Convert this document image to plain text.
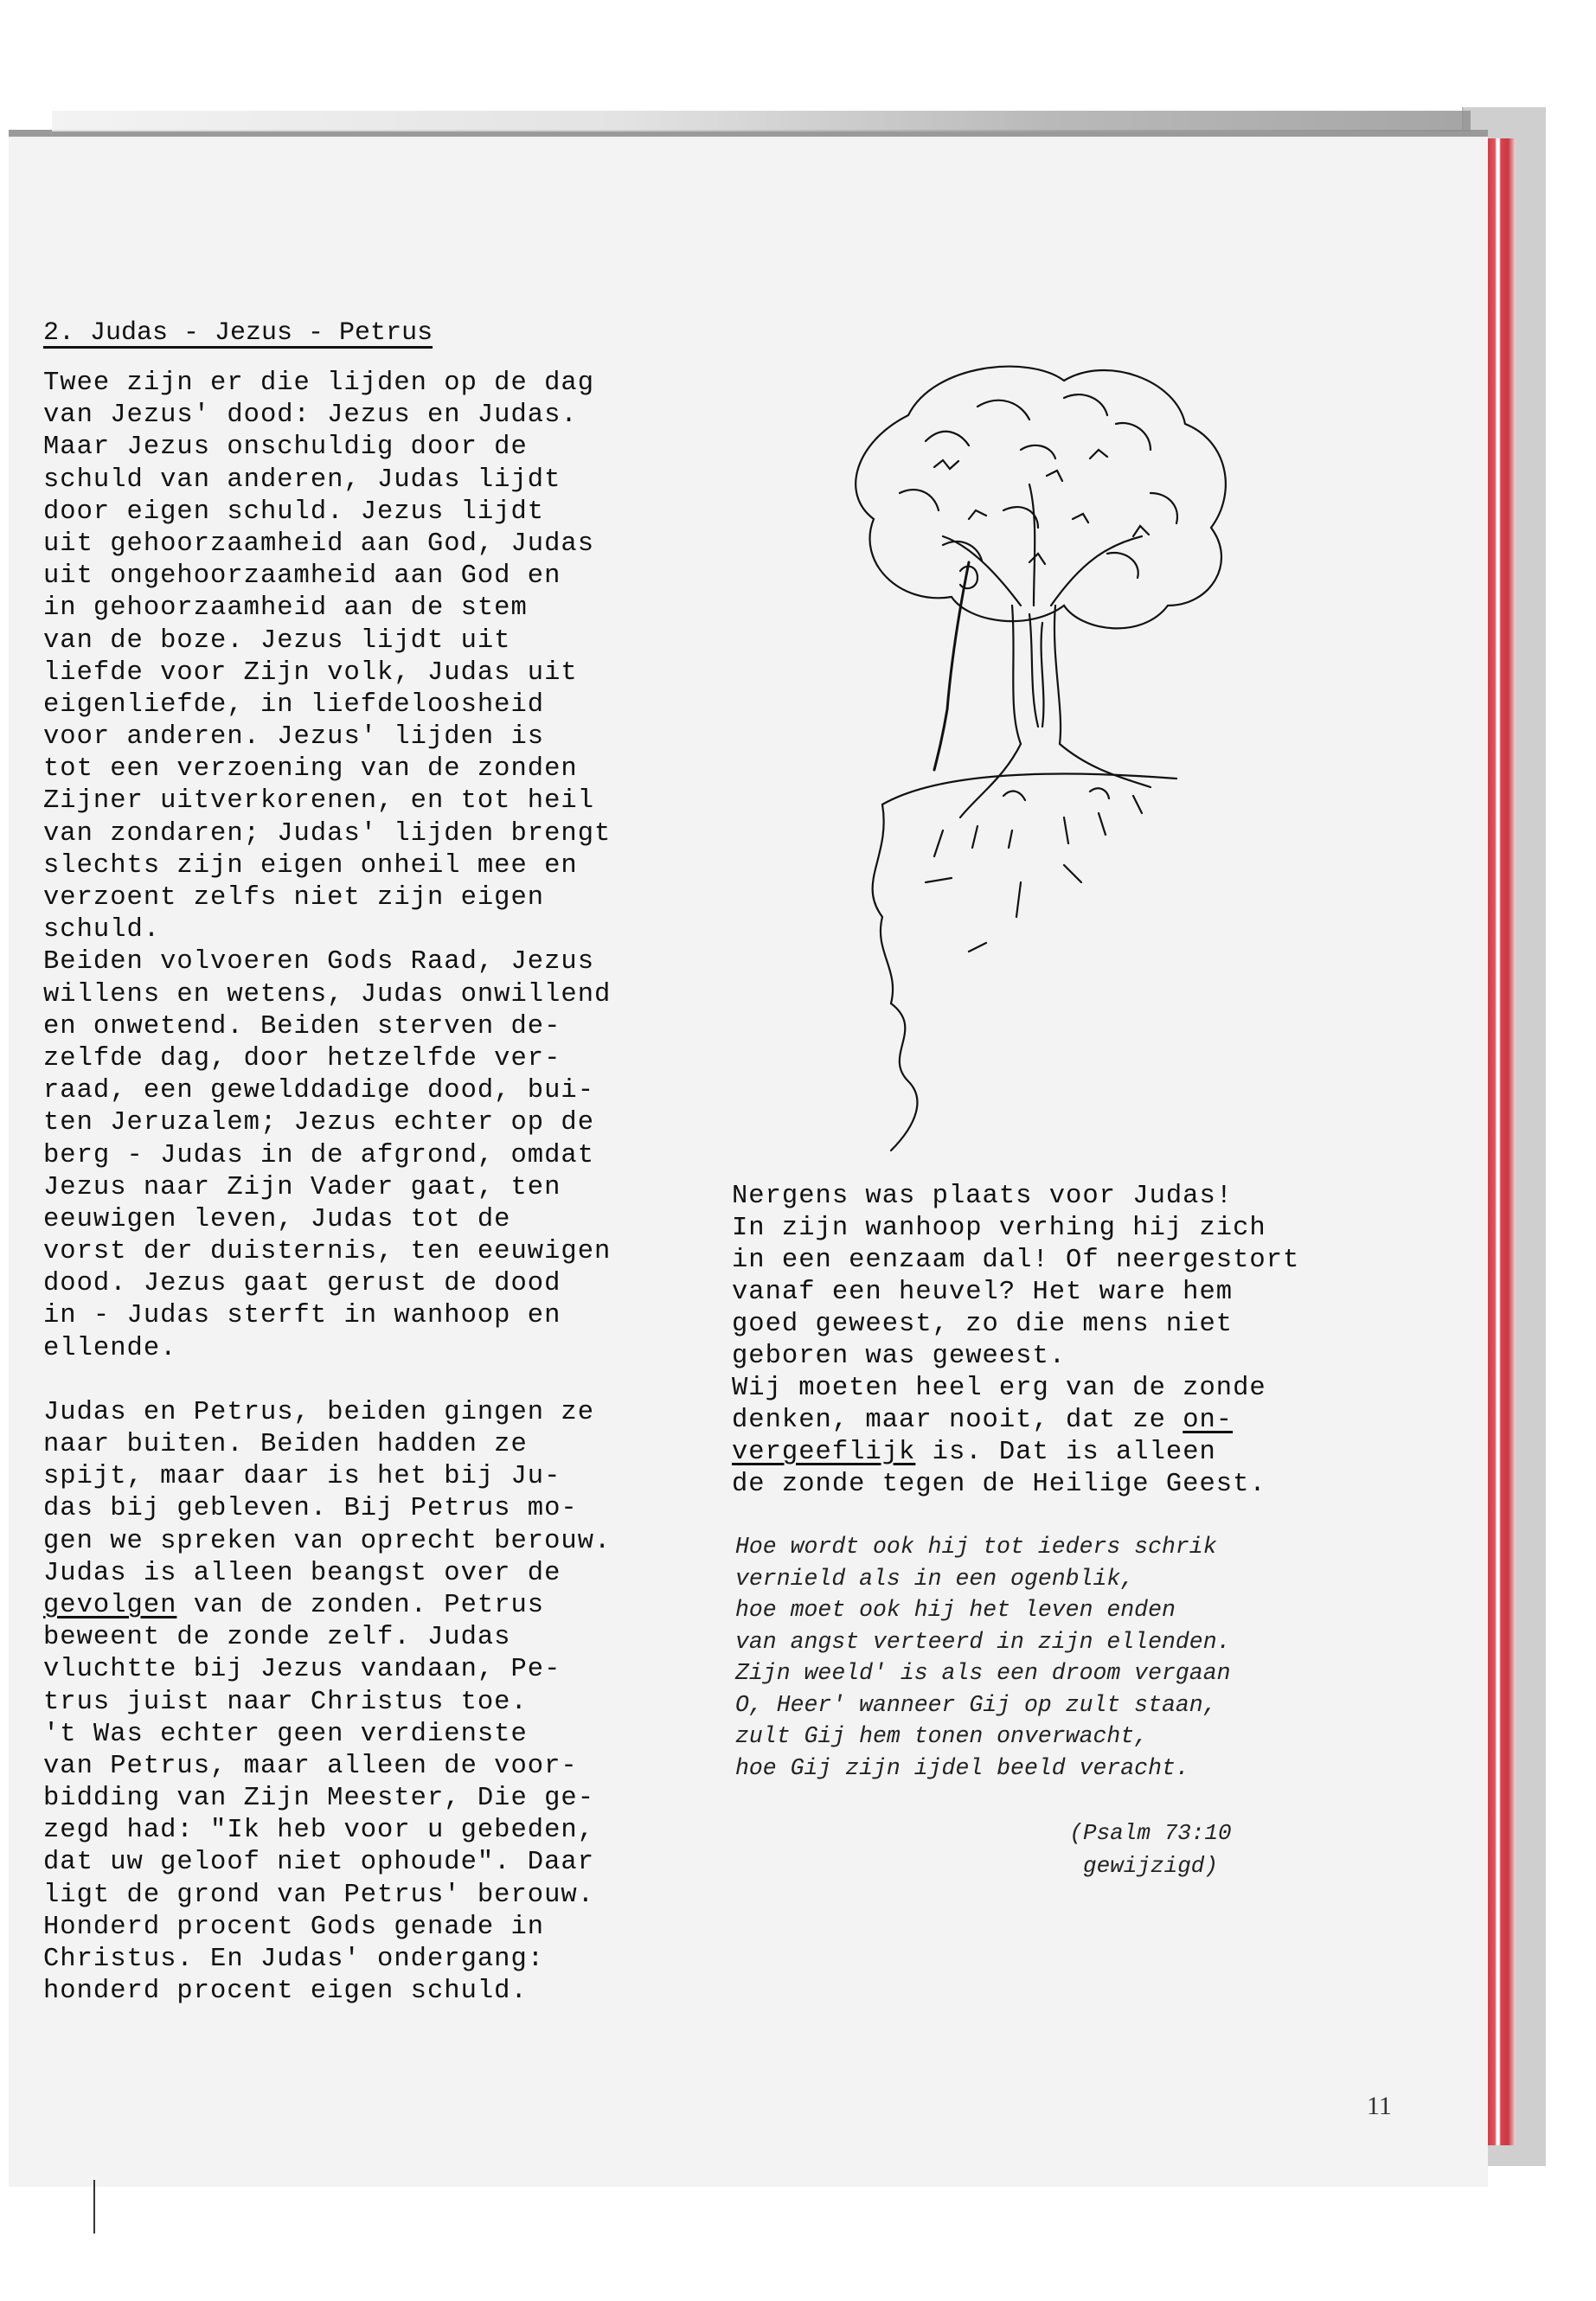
2. Judas - Jezus - Petrus
Twee zijn er die lijden op de dag
van Jezus' dood: Jezus en Judas.
Maar Jezus onschuldig door de
schuld van anderen, Judas lijdt
door eigen schuld. Jezus lijdt
uit gehoorzaamheid aan God, Judas
uit ongehoorzaamheid aan God en
in gehoorzaamheid aan de stem
van de boze. Jezus lijdt uit
liefde voor Zijn volk, Judas uit
eigenliefde, in liefdeloosheid
voor anderen. Jezus' lijden is
tot een verzoening van de zonden
Zijner uitverkorenen, en tot heil
van zondaren; Judas' lijden brengt
slechts zijn eigen onheil mee en
verzoent zelfs niet zijn eigen
schuld.
Beiden volvoeren Gods Raad, Jezus
willens en wetens, Judas onwillend
en onwetend. Beiden sterven de-
zelfde dag, door hetzelfde ver-
raad, een gewelddadige dood, bui-
ten Jeruzalem; Jezus echter op de
berg - Judas in de afgrond, omdat
Jezus naar Zijn Vader gaat, ten
eeuwigen leven, Judas tot de
vorst der duisternis, ten eeuwigen
dood. Jezus gaat gerust de dood
in - Judas sterft in wanhoop en
ellende.
Judas en Petrus, beiden gingen ze
naar buiten. Beiden hadden ze
spijt, maar daar is het bij Ju-
das bij gebleven. Bij Petrus mo-
gen we spreken van oprecht berouw.
Judas is alleen beangst over de
gevolgen van de zonden. Petrus
beweent de zonde zelf. Judas
vluchtte bij Jezus vandaan, Pe-
trus juist naar Christus toe.
't Was echter geen verdienste
van Petrus, maar alleen de voor-
bidding van Zijn Meester, Die ge-
zegd had: "Ik heb voor u gebeden,
dat uw geloof niet ophoude". Daar
ligt de grond van Petrus' berouw.
Honderd procent Gods genade in
Christus. En Judas' ondergang:
honderd procent eigen schuld.
Nergens was plaats voor Judas!
In zijn wanhoop verhing hij zich
in een eenzaam dal! Of neergestort
vanaf een heuvel? Het ware hem
goed geweest, zo die mens niet
geboren was geweest.
Wij moeten heel erg van de zonde
denken, maar nooit, dat ze on-
vergeeflijk is. Dat is alleen
de zonde tegen de Heilige Geest.
Hoe wordt ook hij tot ieders schrik
vernield als in een ogenblik,
hoe moet ook hij het leven enden
van angst verteerd in zijn ellenden.
Zijn weeld' is als een droom vergaan
O, Heer' wanneer Gij op zult staan,
zult Gij hem tonen onverwacht,
hoe Gij zijn ijdel beeld veracht.
(Psalm 73:10
gewijzigd)
11
